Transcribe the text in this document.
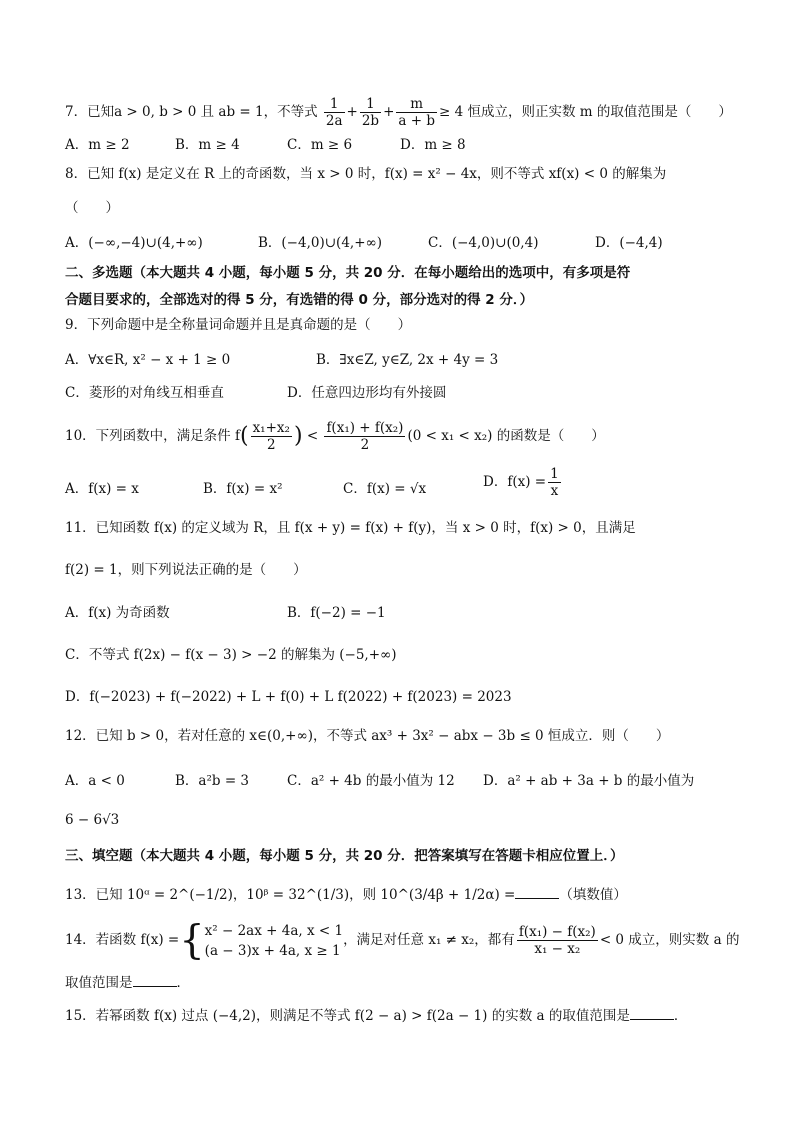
7．已知a > 0, b > 0 且 ab = 1，不等式 $\frac{1}{2a} + \frac{1}{2b} + \frac{m}{a + b} \ge 4$ 恒成立，则正实数 m 的取值范围是（　　）
A．m ≥ 2	B．m ≥ 4	C．m ≥ 6	D．m ≥ 8
8．已知 f(x) 是定义在 R 上的奇函数，当 x > 0 时，f(x) = x² − 4x，则不等式 xf(x) < 0 的解集为
（　　）
A．(−∞,−4)∪(4,+∞)	B．(−4,0)∪(4,+∞)	C．(−4,0)∪(0,4)	D．(−4,4)
二、多选题（本大题共 4 小题，每小题 5 分，共 20 分．在每小题给出的选项中，有多项是符
合题目要求的，全部选对的得 5 分，有选错的得 0 分，部分选对的得 2 分．）
9．下列命题中是全称量词命题并且是真命题的是（　　）
A．∀x∈R, x² − x + 1 ≥ 0	B．∃x∈Z, y∈Z, 2x + 4y = 3
C．菱形的对角线互相垂直	D．任意四边形均有外接圆
10．下列函数中，满足条件 $f( \frac{\text{x₁+x₂}}{2}$ ) < $\frac{\text{f(x₁) + f(x₂)}}{2} (0 < x_1 < x_2)$ 的函数是（　　）
A．f(x) = x	B．f(x) = x²	C．f(x) = √x	D．$f(x) = \frac{1}{x}$
11．已知函数 f(x) 的定义域为 R，且 f(x + y) = f(x) + f(y)，当 x > 0 时，f(x) > 0，且满足
f(2) = 1，则下列说法正确的是（　　）
A．f(x) 为奇函数	B．f(−2) = −1
C．不等式 f(2x) − f(x − 3) > −2 的解集为 (−5,+∞)
D．f(−2023) + f(−2022) + L + f(0) + L f(2022) + f(2023) = 2023
12．已知 b > 0，若对任意的 x∈(0,+∞)，不等式 ax³ + 3x² − abx − 3b ≤ 0 恒成立．则（　　）
A．a < 0	B．a²b = 3	C．a² + 4b 的最小值为 12 D．a² + ab + 3a + b 的最小值为
6 − 6√3
三、填空题（本大题共 4 小题，每小题 5 分，共 20 分．把答案填写在答题卡相应位置上．）
13．已知 10ᵅ = 2^(−1/2)，10ᵝ = 32^(1/3)，则 10^(3/4β + 1/2α) =	（填数值）
14．若函数 f(x) ={ x² − 2ax + 4a, x < 1
(a − 3)x + 4a, x ≥ 1
，满足对任意 x₁ ≠ x₂，都有 $\frac{\text{f(x₁) − f(x₂)}}{\text{x₁ − x₂}} < 0$ 成立，则实数 a 的
取值范围是	．
15．若幂函数 f(x) 过点 (−4,2)，则满足不等式 f(2 − a) > f(2a − 1) 的实数 a 的取值范围是	．
